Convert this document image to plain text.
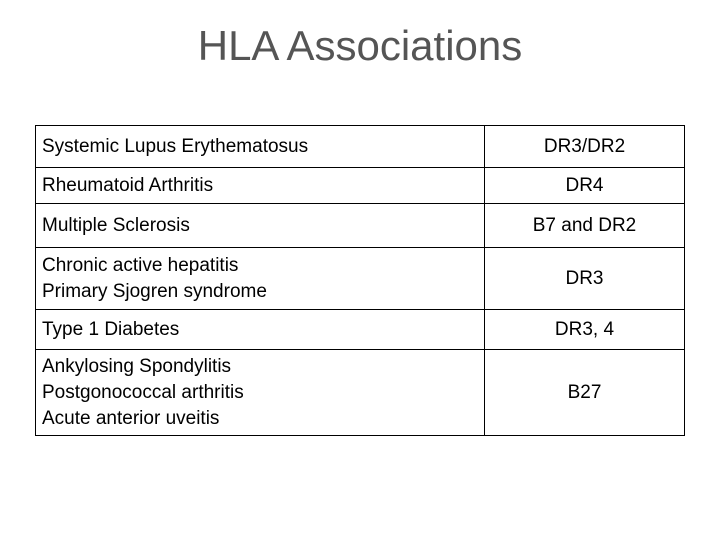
HLA Associations
Systemic Lupus Erythematosus	DR3/DR2

Rheumatoid Arthritis	DR4

Multiple Sclerosis	B7 and DR2

Chronic active hepatitis
Primary Sjogren syndrome	DR3

Type 1 Diabetes	DR3, 4

Ankylosing Spondylitis
Postgonococcal arthritis
Acute anterior uveitis	B27
